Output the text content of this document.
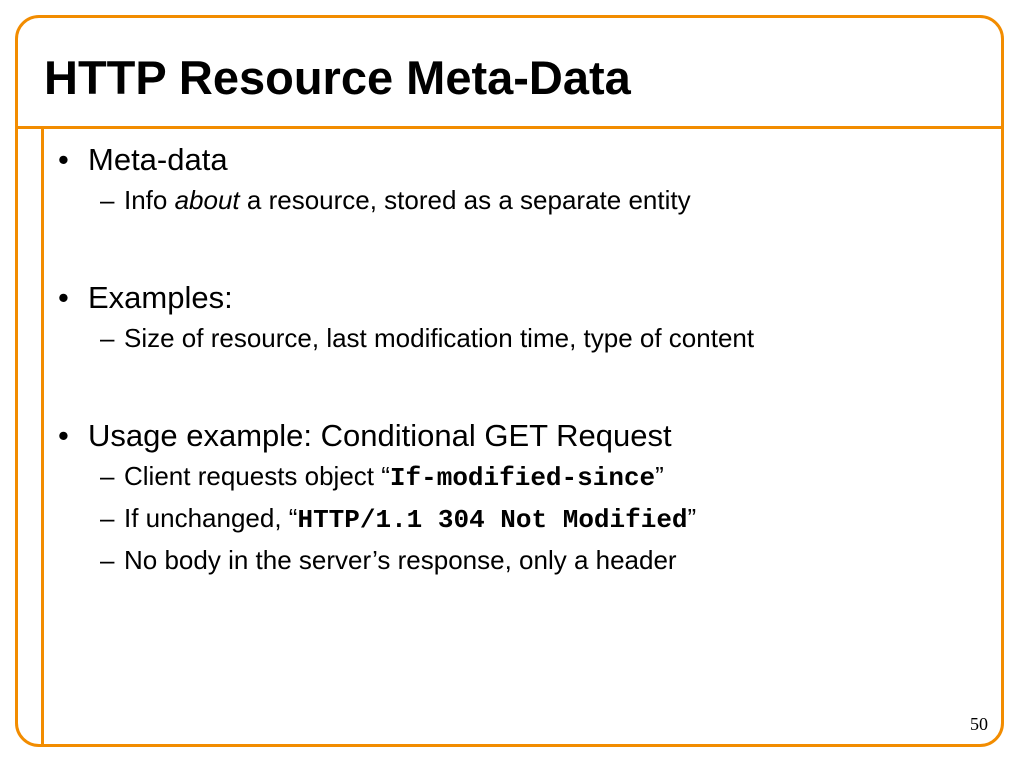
HTTP Resource Meta-Data
• Meta-data
– Info about a resource, stored as a separate entity
• Examples:
– Size of resource, last modification time, type of content
• Usage example: Conditional GET Request
– Client requests object “If-modified-since”
– If unchanged, “HTTP/1.1 304 Not Modified”
– No body in the server’s response, only a header
50
